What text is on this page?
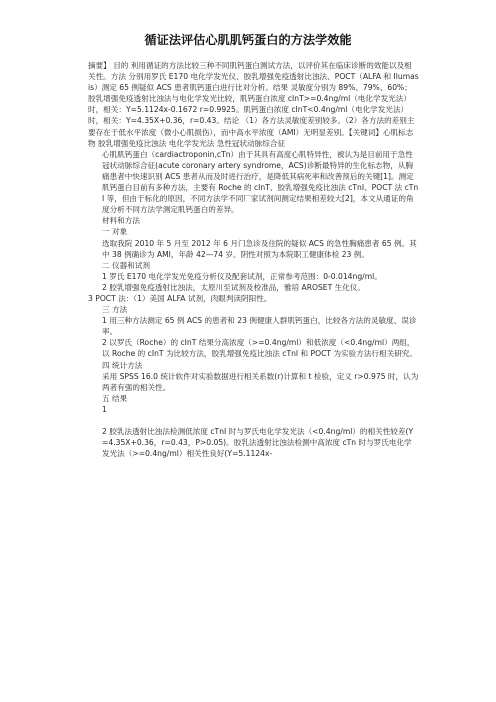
循证法评估心肌肌钙蛋白的方法学效能

摘要】 目的 利用循证的方法比较三种不同肌钙蛋白测试方法，以评价其在临床诊断的效能以及相关性。方法 分别用罗氏 E170 电化学发光仪、胶乳增强免疫透射比浊法、POCT（ALFA 和 Ilumasis）测定 65 例疑似 ACS 患者肌钙蛋白进行比对分析。结果 灵敏度分别为 89%、79%、60%；胶乳增强免疫透射比浊法与电化学发光比较，肌钙蛋白浓度 cInT>=0.4ng/ml（电化学发光法）时，相关：Y=5.1124x-0.1672 r=0.9925。肌钙蛋白浓度 cInT<0.4ng/ml（电化学发光法）时，相关：Y=4.35X+0.36，r=0.43。结论 （1）各方法灵敏度差别较多。（2）各方法的差别主要存在于低水平浓度（微小心肌损伤），而中高水平浓度（AMI）无明显差别。【关键词】心肌标志物 胶乳增强免疫比浊法 电化学发光法 急性冠状动脉综合征

心肌肌钙蛋白（cardiactroponin,cTn）由于其具有高度心肌特异性，被认为是目前用于急性冠状动脉综合征(acute coronary artery syndrome，ACS)诊断最特异的生化标志物，从胸痛患者中快速识别 ACS 患者从而及时进行治疗，是降低其病死率和改善预后的关键[1]。测定肌钙蛋白目前有多种方法，主要有 Roche 的 cInT、胶乳增强免疫比浊法 cTnI、POCT 法 cTnI 等，但由于标化的原因，不同方法学不同厂家试剂间测定结果相差较大[2]，本文从通证的角度分析不同方法学测定肌钙蛋白的差异。

材料和方法

一 对象

选取我院 2010 年 5 月至 2012 年 6 月门急诊及住院的疑似 ACS 的急性胸痛患者 65 例。其中 38 例确诊为 AMI，年龄 42—74 岁。阴性对照为本院职工健康体检 23 例。

二 仪器和试剂

1 罗氏 E170 电化学发光免疫分析仪及配套试剂，正常参考范围：0-0.014ng/ml。

2 胶乳增强免疫透射比浊法，太原川至试剂及校准品，雅培 AROSET 生化仪。

3 POCT 法：（1）美国 ALFA 试剂，肉眼判读阴阳性。

三 方法

1 用三种方法测定 65 例 ACS 的患者和 23 例健康人群肌钙蛋白，比较各方法的灵敏度、误诊率。

2 以罗氏（Roche）的 cInT 结果分高浓度（>=0.4ng/ml）和低浓度（<0.4ng/ml）两组，以 Roche 的 cInT 为比较方法，胶乳增强免疫比浊法 cTnI 和 POCT 为实验方法行相关研究。

四 统计方法

采用 SPSS 16.0 统计软件对实验数据进行相关系数(r)计算和 t 检验，定义 r>0.975 时，认为两者有强的相关性。

五 结果

1

2 胶乳法透射比浊法检测低浓度 cTnI 时与罗氏电化学发光法（<0.4ng/ml）的相关性较差(Y=4.35X+0.36，r=0.43，P>0.05)。胶乳法透射比浊法检测中高浓度 cTn 时与罗氏电化学发光法（>=0.4ng/ml）相关性良好(Y=5.1124x-
